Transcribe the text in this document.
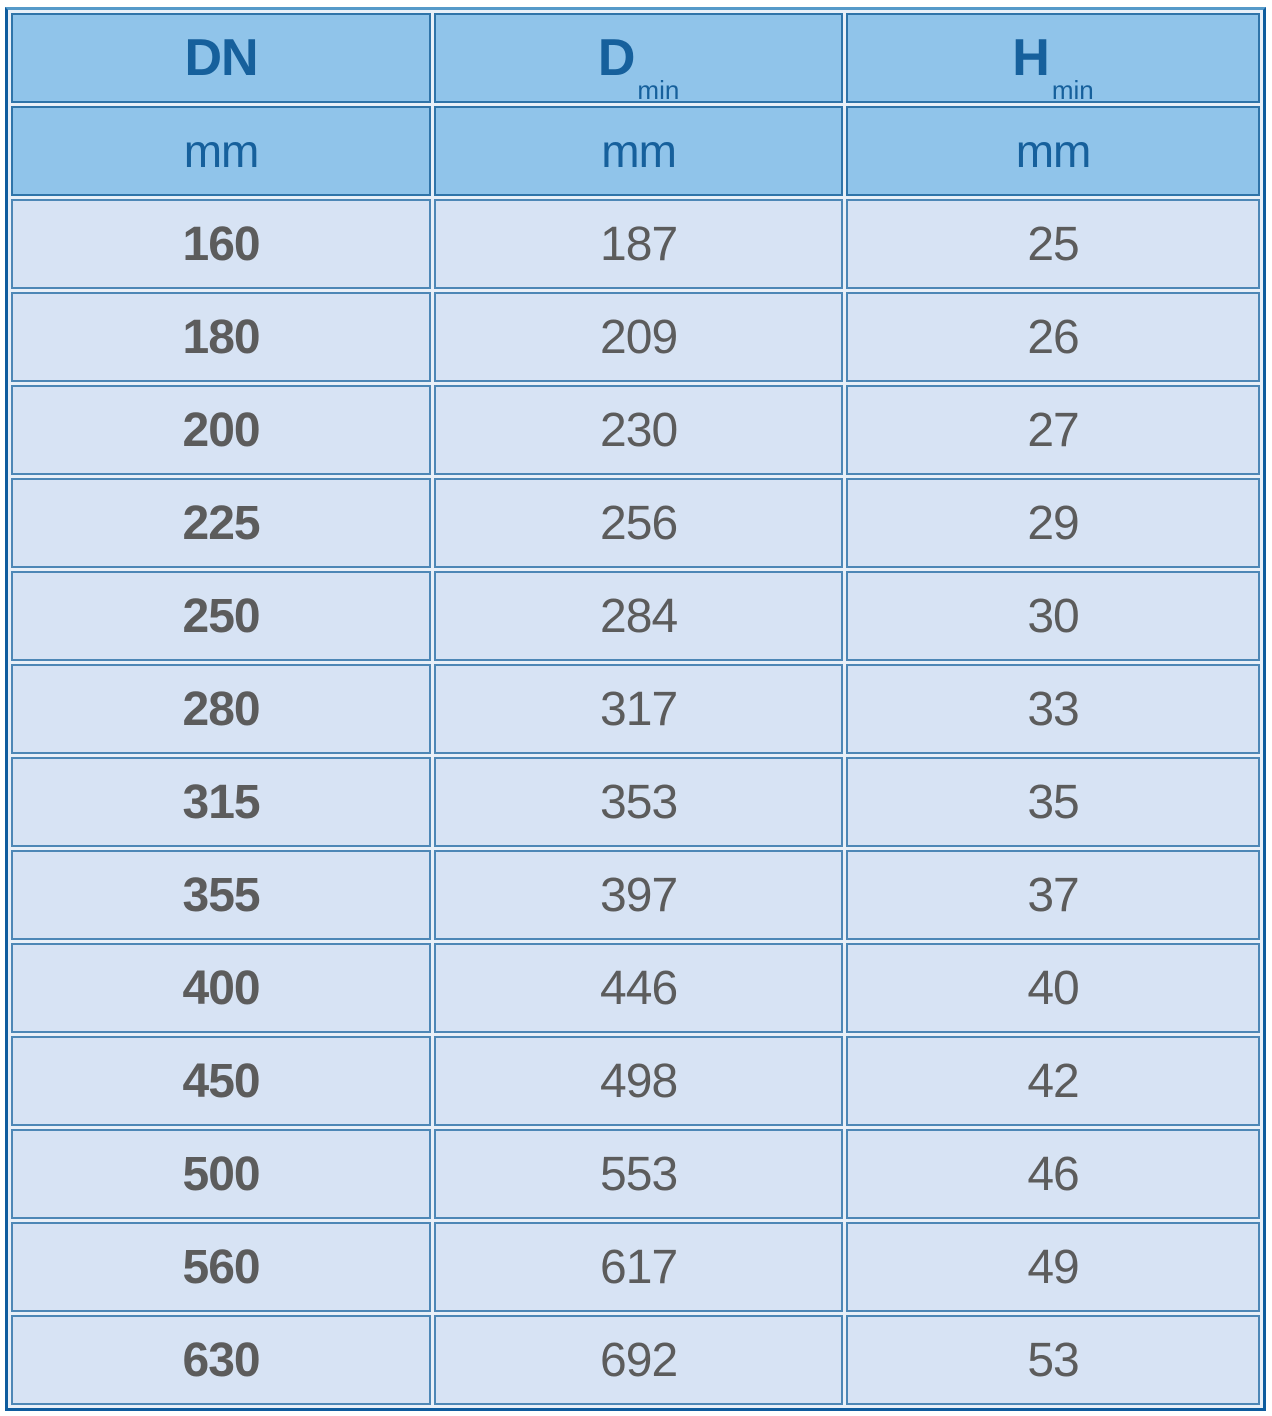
DN	$D_{min}$	$H_{min}$
mm	mm	mm
160	187	25
180	209	26
200	230	27
225	256	29
250	284	30
280	317	33
315	353	35
355	397	37
400	446	40
450	498	42
500	553	46
560	617	49
630	692	53
